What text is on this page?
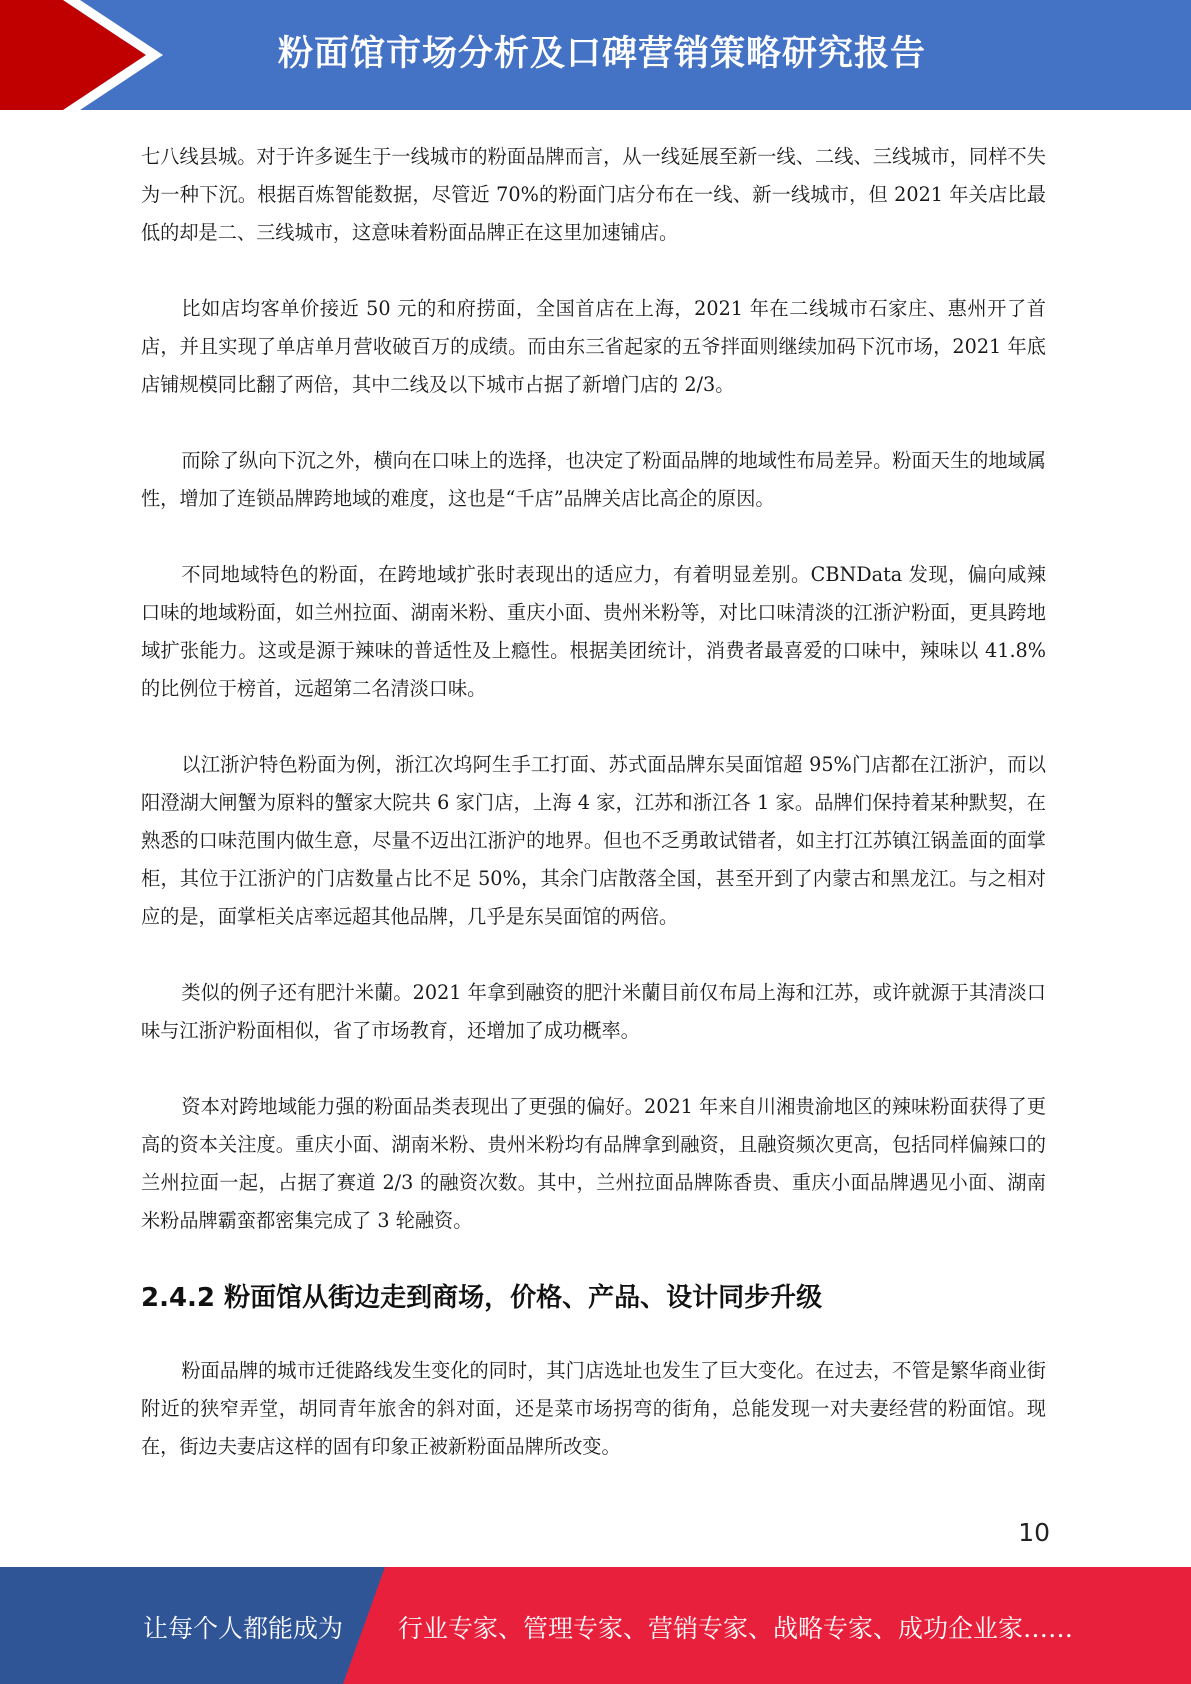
粉面馆市场分析及口碑营销策略研究报告

七八线县城。对于许多诞生于一线城市的粉面品牌而言，从一线延展至新一线、二线、三线城市，同样不失为一种下沉。根据百炼智能数据，尽管近 70%的粉面门店分布在一线、新一线城市，但 2021 年关店比最低的却是二、三线城市，这意味着粉面品牌正在这里加速铺店。

比如店均客单价接近 50 元的和府捞面，全国首店在上海，2021 年在二线城市石家庄、惠州开了首店，并且实现了单店单月营收破百万的成绩。而由东三省起家的五爷拌面则继续加码下沉市场，2021 年底店铺规模同比翻了两倍，其中二线及以下城市占据了新增门店的 2/3。

而除了纵向下沉之外，横向在口味上的选择，也决定了粉面品牌的地域性布局差异。粉面天生的地域属性，增加了连锁品牌跨地域的难度，这也是“千店”品牌关店比高企的原因。

不同地域特色的粉面，在跨地域扩张时表现出的适应力，有着明显差别。CBNData 发现，偏向咸辣口味的地域粉面，如兰州拉面、湖南米粉、重庆小面、贵州米粉等，对比口味清淡的江浙沪粉面，更具跨地域扩张能力。这或是源于辣味的普适性及上瘾性。根据美团统计，消费者最喜爱的口味中，辣味以 41.8%的比例位于榜首，远超第二名清淡口味。

以江浙沪特色粉面为例，浙江次坞阿生手工打面、苏式面品牌东吴面馆超 95%门店都在江浙沪，而以阳澄湖大闸蟹为原料的蟹家大院共 6 家门店，上海 4 家，江苏和浙江各 1 家。品牌们保持着某种默契，在熟悉的口味范围内做生意，尽量不迈出江浙沪的地界。但也不乏勇敢试错者，如主打江苏镇江锅盖面的面掌柜，其位于江浙沪的门店数量占比不足 50%，其余门店散落全国，甚至开到了内蒙古和黑龙江。与之相对应的是，面掌柜关店率远超其他品牌，几乎是东吴面馆的两倍。

类似的例子还有肥汁米蘭。2021 年拿到融资的肥汁米蘭目前仅布局上海和江苏，或许就源于其清淡口味与江浙沪粉面相似，省了市场教育，还增加了成功概率。

资本对跨地域能力强的粉面品类表现出了更强的偏好。2021 年来自川湘贵渝地区的辣味粉面获得了更高的资本关注度。重庆小面、湖南米粉、贵州米粉均有品牌拿到融资，且融资频次更高，包括同样偏辣口的兰州拉面一起，占据了赛道 2/3 的融资次数。其中，兰州拉面品牌陈香贵、重庆小面品牌遇见小面、湖南米粉品牌霸蛮都密集完成了 3 轮融资。

2.4.2 粉面馆从街边走到商场，价格、产品、设计同步升级

粉面品牌的城市迁徙路线发生变化的同时，其门店选址也发生了巨大变化。在过去，不管是繁华商业街附近的狭窄弄堂，胡同青年旅舍的斜对面，还是菜市场拐弯的街角，总能发现一对夫妻经营的粉面馆。现在，街边夫妻店这样的固有印象正被新粉面品牌所改变。

10
让每个人都能成为 行业专家、管理专家、营销专家、战略专家、成功企业家……
